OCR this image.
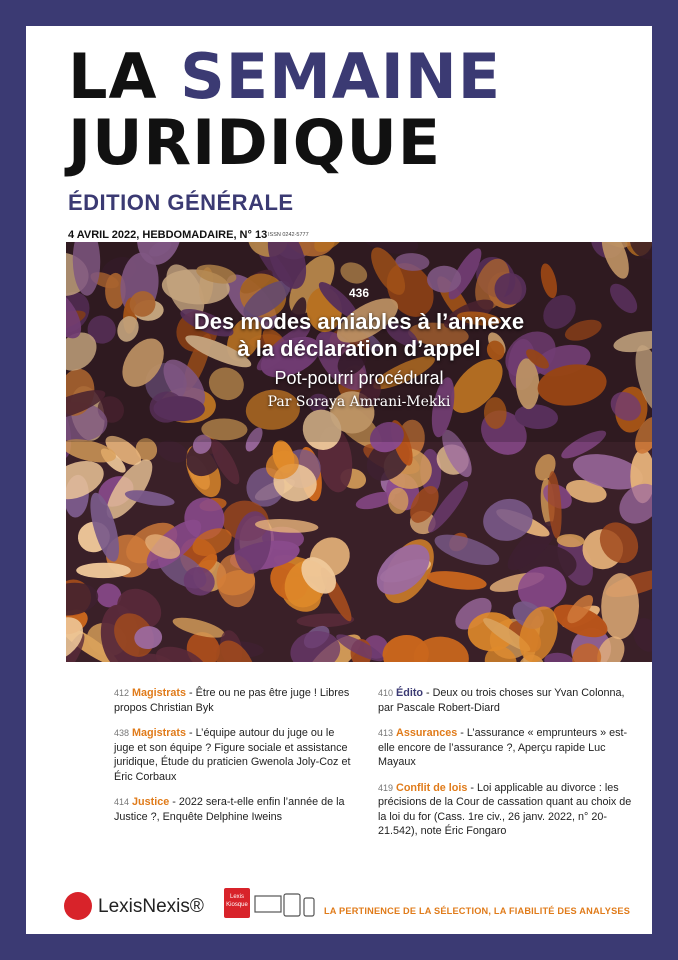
LA SEMAINE
JURIDIQUE
ÉDITION GÉNÉRALE
4 AVRIL 2022, HEBDOMADAIRE, N° 13 ISSN 0242-5777
436
Des modes amiables à l’annexe
à la déclaration d’appel
Pot-pourri procédural
Par Soraya Amrani-Mekki
412 Magistrats - Être ou ne pas être juge ! Libres propos Christian Byk
438 Magistrats - L’équipe autour du juge ou le juge et son équipe ? Figure sociale et assistance juridique, Étude du praticien Gwenola Joly-Coz et Éric Corbaux
414 Justice - 2022 sera-t-elle enfin l’année de la Justice ?, Enquête Delphine Iweins
410 Édito - Deux ou trois choses sur Yvan Colonna, par Pascale Robert-Diard
413 Assurances - L’assurance « emprunteurs » est-elle encore de l’assurance ?, Aperçu rapide Luc Mayaux
419 Conflit de lois - Loi applicable au divorce : les précisions de la Cour de cassation quant au choix de la loi du for (Cass. 1re civ., 26 janv. 2022, n° 20-21.542), note Éric Fongaro
LexisNexis®	Lexis
Kiosque
LA PERTINENCE DE LA SÉLECTION, LA FIABILITÉ DES ANALYSES
